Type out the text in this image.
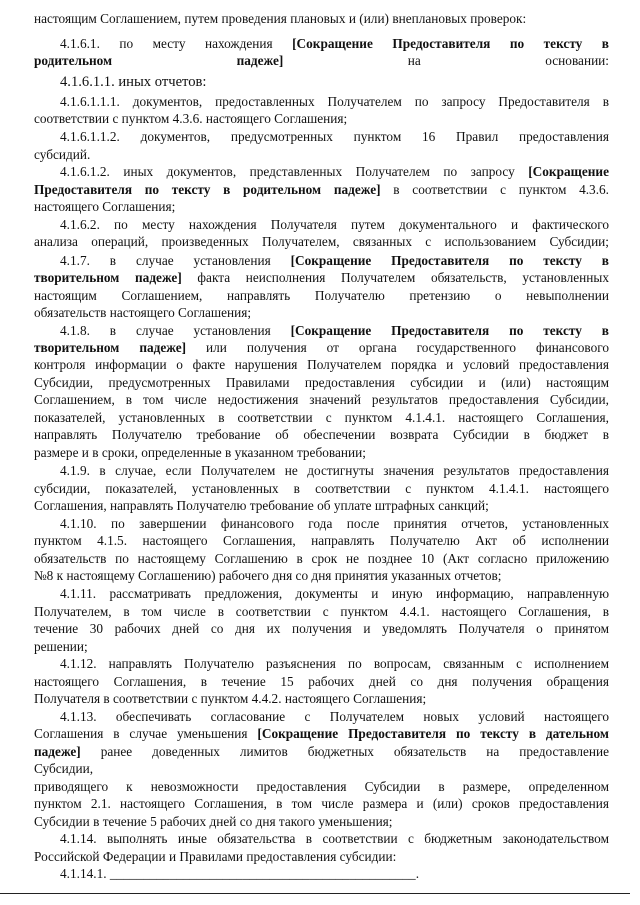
настоящим Соглашением, путем проведения плановых и (или) внеплановых проверок:
4.1.6.1. по месту нахождения [Сокращение Предоставителя по тексту в
родительном падеже] на основании:
4.1.6.1.1. иных отчетов:
4.1.6.1.1.1. документов, предоставленных Получателем по запросу Предоставителя в
соответствии с пунктом 4.3.6. настоящего Соглашения;
4.1.6.1.1.2. документов, предусмотренных пунктом 16 Правил предоставления
субсидий.
4.1.6.1.2. иных документов, представленных Получателем по запросу [Сокращение
Предоставителя по тексту в родительном падеже] в соответствии с пунктом 4.3.6.
настоящего Соглашения;
4.1.6.2. по месту нахождения Получателя путем документального и фактического
анализа операций, произведенных Получателем, связанных с использованием Субсидии;
4.1.7. в случае установления [Сокращение Предоставителя по тексту в
творительном падеже] факта неисполнения Получателем обязательств, установленных
настоящим Соглашением, направлять Получателю претензию о невыполнении
обязательств настоящего Соглашения;
4.1.8. в случае установления [Сокращение Предоставителя по тексту в
творительном падеже] или получения от органа государственного финансового
контроля информации о факте нарушения Получателем порядка и условий предоставления
Субсидии, предусмотренных Правилами предоставления субсидии и (или) настоящим
Соглашением, в том числе недостижения значений результатов предоставления Субсидии,
показателей, установленных в соответствии с пунктом 4.1.4.1. настоящего Соглашения,
направлять Получателю требование об обеспечении возврата Субсидии в бюджет в
размере и в сроки, определенные в указанном требовании;
4.1.9. в случае, если Получателем не достигнуты значения результатов предоставления
субсидии, показателей, установленных в соответствии с пунктом 4.1.4.1. настоящего
Соглашения, направлять Получателю требование об уплате штрафных санкций;
4.1.10. по завершении финансового года после принятия отчетов, установленных
пунктом 4.1.5. настоящего Соглашения, направлять Получателю Акт об исполнении
обязательств по настоящему Соглашению в срок не позднее 10 (Акт согласно приложению
№8 к настоящему Соглашению) рабочего дня со дня принятия указанных отчетов;
4.1.11. рассматривать предложения, документы и иную информацию, направленную
Получателем, в том числе в соответствии с пунктом 4.4.1. настоящего Соглашения, в
течение 30 рабочих дней со дня их получения и уведомлять Получателя о принятом
решении;
4.1.12. направлять Получателю разъяснения по вопросам, связанным с исполнением
настоящего Соглашения, в течение 15 рабочих дней со дня получения обращения
Получателя в соответствии с пунктом 4.4.2. настоящего Соглашения;
4.1.13. обеспечивать согласование с Получателем новых условий настоящего
Соглашения в случае уменьшения [Сокращение Предоставителя по тексту в дательном
падеже] ранее доведенных лимитов бюджетных обязательств на предоставление
Субсидии,
приводящего к невозможности предоставления Субсидии в размере, определенном
пунктом 2.1. настоящего Соглашения, в том числе размера и (или) сроков предоставления
Субсидии в течение 5 рабочих дней со дня такого уменьшения;
4.1.14. выполнять иные обязательства в соответствии с бюджетным законодательством
Российской Федерации и Правилами предоставления субсидии:
4.1.14.1. ______________________________________________.
